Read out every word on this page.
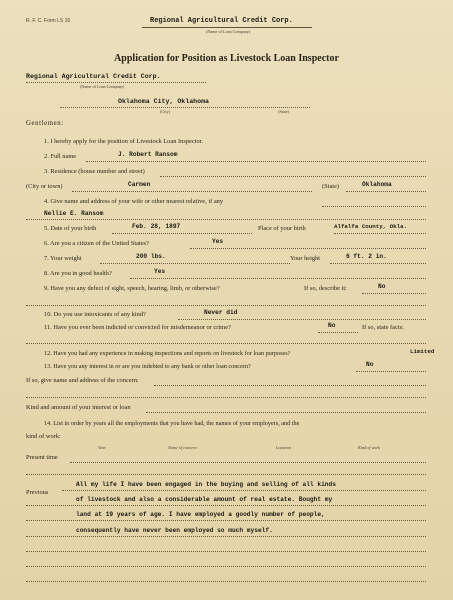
R. F. C. Form LS 16	Regional Agricultural Credit Corp.
(Name of Loan Company)
Application for Position as Livestock Loan Inspector
Regional Agricultural Credit Corp.
(Name of Loan Company)
Oklahoma City, Oklahoma
(City)	(State)
Gentlemen:
1. I hereby apply for the position of Livestock Loan Inspector.
2. Full name	J. Robert Ransom
3. Residence (house number and street)
(City or town)	Carmen	(State)	Oklahoma
4. Give name and address of your wife or other nearest relative, if any
Nellie E. Ransom
5. Date of your birth	Feb. 28, 1897	Place of your birth	Alfalfa County, Okla.
6. Are you a citizen of the United States?	Yes
7. Your weight	200 lbs.	Your height	6 ft. 2 in.
8. Are you in good health?	Yes
9. Have you any defect of sight, speech, hearing, limb, or otherwise?	If so, describe it:	No
10. Do you use intoxicants of any kind?	Never did
11. Have you ever been indicted or convicted for misdemeanor or crime?	No	If so, state facts:
12. Have you had any experience in making inspections and reports on livestock for loan purposes?	Limited
13. Have you any interest in or are you indebted to any bank or other loan concern?	No
If so, give name and address of the concern:
Kind and amount of your interest or loan
14. List in order by years all the employments that you have had, the names of your employers, and the
kind of work:
Year	Name of concern	Location	Kind of work
Present time
Previous
All my life I have been engaged in the buying and selling of all kinds
of livestock and also a considerable amount of real estate. Bought my
land at 19 years of age. I have employed a goodly number of people,
consequently have never been employed so much myself.
